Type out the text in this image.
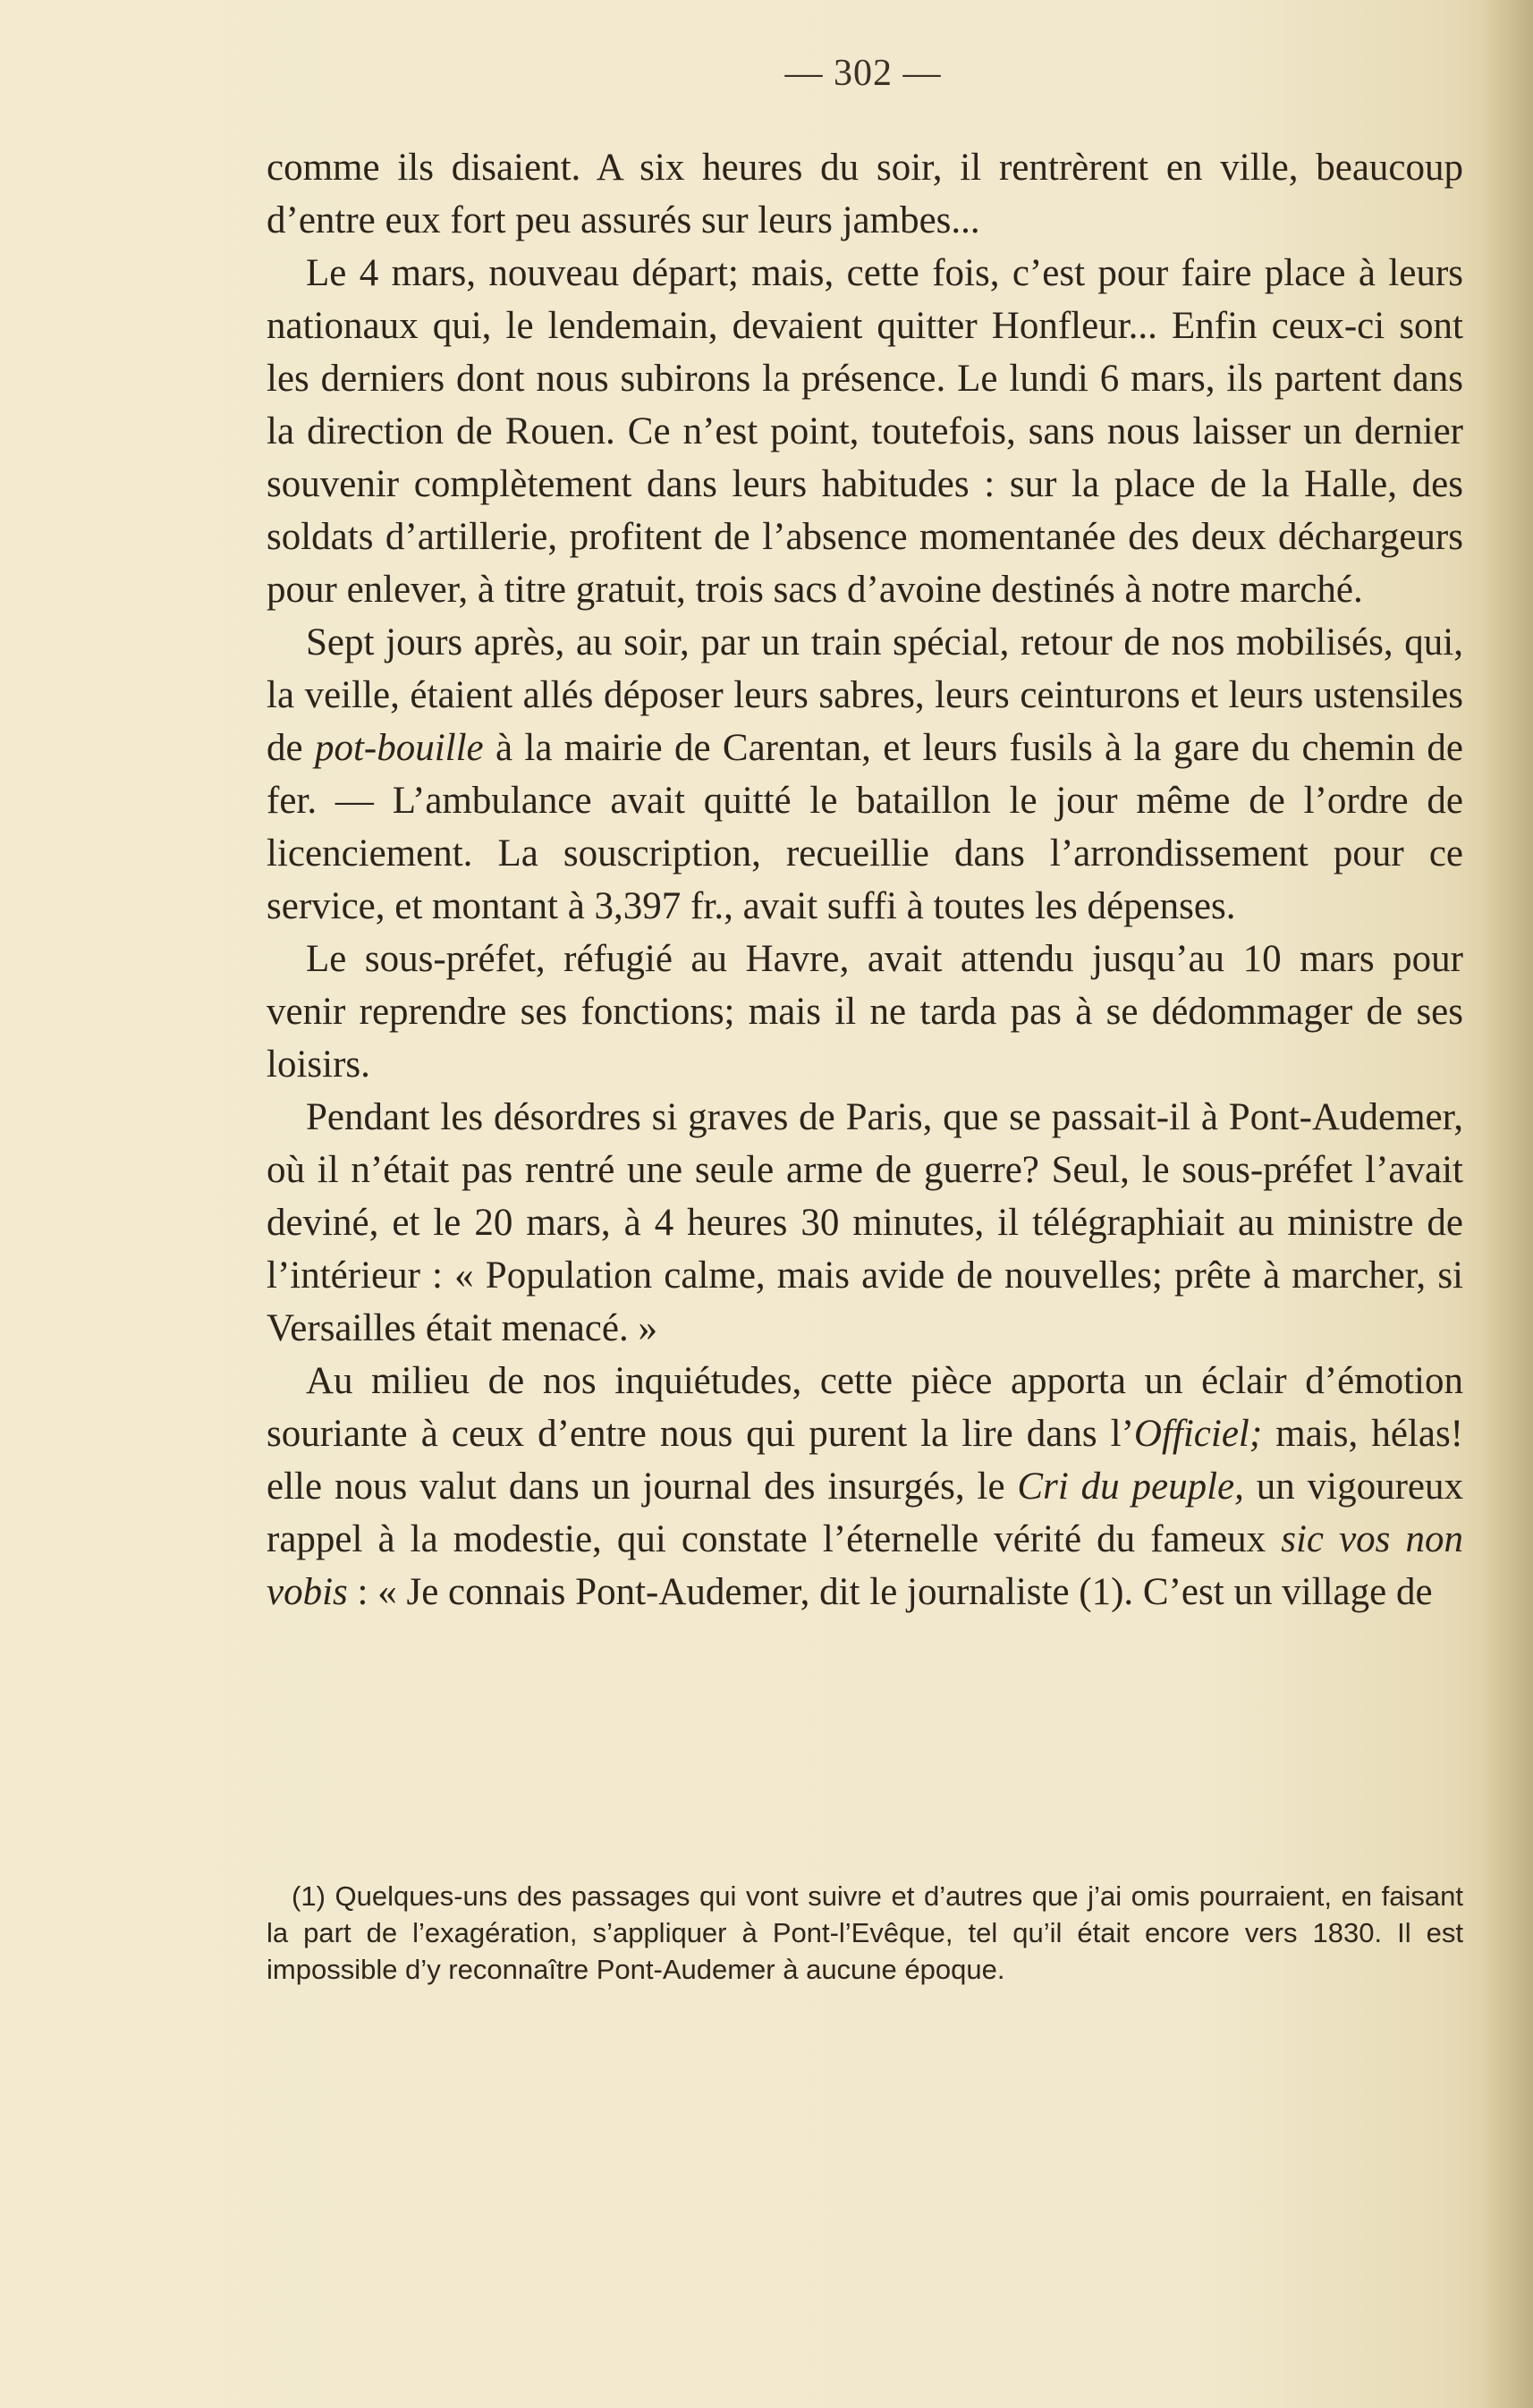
— 302 —

comme ils disaient. A six heures du soir, il rentrèrent en ville, beaucoup d’entre eux fort peu assurés sur leurs jambes...

Le 4 mars, nouveau départ; mais, cette fois, c’est pour faire place à leurs nationaux qui, le lendemain, devaient quitter Honfleur... Enfin ceux-ci sont les derniers dont nous subirons la présence. Le lundi 6 mars, ils partent dans la direction de Rouen. Ce n’est point, toutefois, sans nous laisser un dernier souvenir complètement dans leurs habitudes : sur la place de la Halle, des soldats d’artillerie, profitent de l’absence momentanée des deux déchargeurs pour enlever, à titre gratuit, trois sacs d’avoine destinés à notre marché.

Sept jours après, au soir, par un train spécial, retour de nos mobilisés, qui, la veille, étaient allés déposer leurs sabres, leurs ceinturons et leurs ustensiles de pot-bouille à la mairie de Carentan, et leurs fusils à la gare du chemin de fer. — L’ambulance avait quitté le bataillon le jour même de l’ordre de licenciement. La souscription, recueillie dans l’arrondissement pour ce service, et montant à 3,397 fr., avait suffi à toutes les dépenses.

Le sous-préfet, réfugié au Havre, avait attendu jusqu’au 10 mars pour venir reprendre ses fonctions; mais il ne tarda pas à se dédommager de ses loisirs.

Pendant les désordres si graves de Paris, que se passait-il à Pont-Audemer, où il n’était pas rentré une seule arme de guerre? Seul, le sous-préfet l’avait deviné, et le 20 mars, à 4 heures 30 minutes, il télégraphiait au ministre de l’intérieur : « Population calme, mais avide de nouvelles; prête à marcher, si Versailles était menacé. »

Au milieu de nos inquiétudes, cette pièce apporta un éclair d’émotion souriante à ceux d’entre nous qui purent la lire dans l’Officiel; mais, hélas! elle nous valut dans un journal des insurgés, le Cri du peuple, un vigoureux rappel à la modestie, qui constate l’éternelle vérité du fameux sic vos non vobis : « Je connais Pont-Audemer, dit le journaliste (1). C’est un village de

(1) Quelques-uns des passages qui vont suivre et d’autres que j’ai omis pourraient, en faisant la part de l’exagération, s’appliquer à Pont-l’Evêque, tel qu’il était encore vers 1830. Il est impossible d’y reconnaître Pont-Audemer à aucune époque.
